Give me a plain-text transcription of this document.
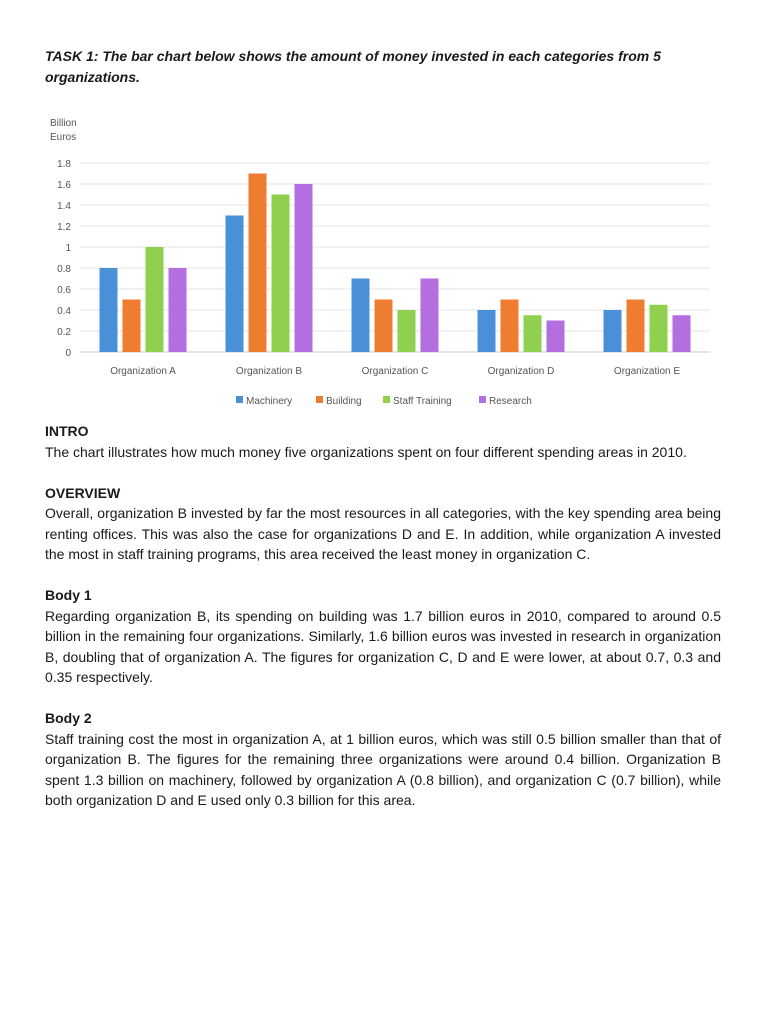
TASK 1: The bar chart below shows the amount of money invested in each categories from 5 organizations.

Billion
Euros
0
0.2
0.4
0.6
0.8
1
1.2
1.4
1.6
1.8
Organization A	Organization B	Organization C	Organization D	Organization E
Machinery	Building	Staff Training	Research
INTRO

The chart illustrates how much money five organizations spent on four different spending areas in 2010.

OVERVIEW

Overall, organization B invested by far the most resources in all categories, with the key spending area being renting offices. This was also the case for organizations D and E. In addition, while organization A invested the most in staff training programs, this area received the least money in organization C.

Body 1

Regarding organization B, its spending on building was 1.7 billion euros in 2010, compared to around 0.5 billion in the remaining four organizations. Similarly, 1.6 billion euros was invested in research in organization B, doubling that of organization A. The figures for organization C, D and E were lower, at about 0.7, 0.3 and 0.35 respectively.

Body 2

Staff training cost the most in organization A, at 1 billion euros, which was still 0.5 billion smaller than that of organization B. The figures for the remaining three organizations were around 0.4 billion. Organization B spent 1.3 billion on machinery, followed by organization A (0.8 billion), and organization C (0.7 billion), while both organization D and E used only 0.3 billion for this area.
